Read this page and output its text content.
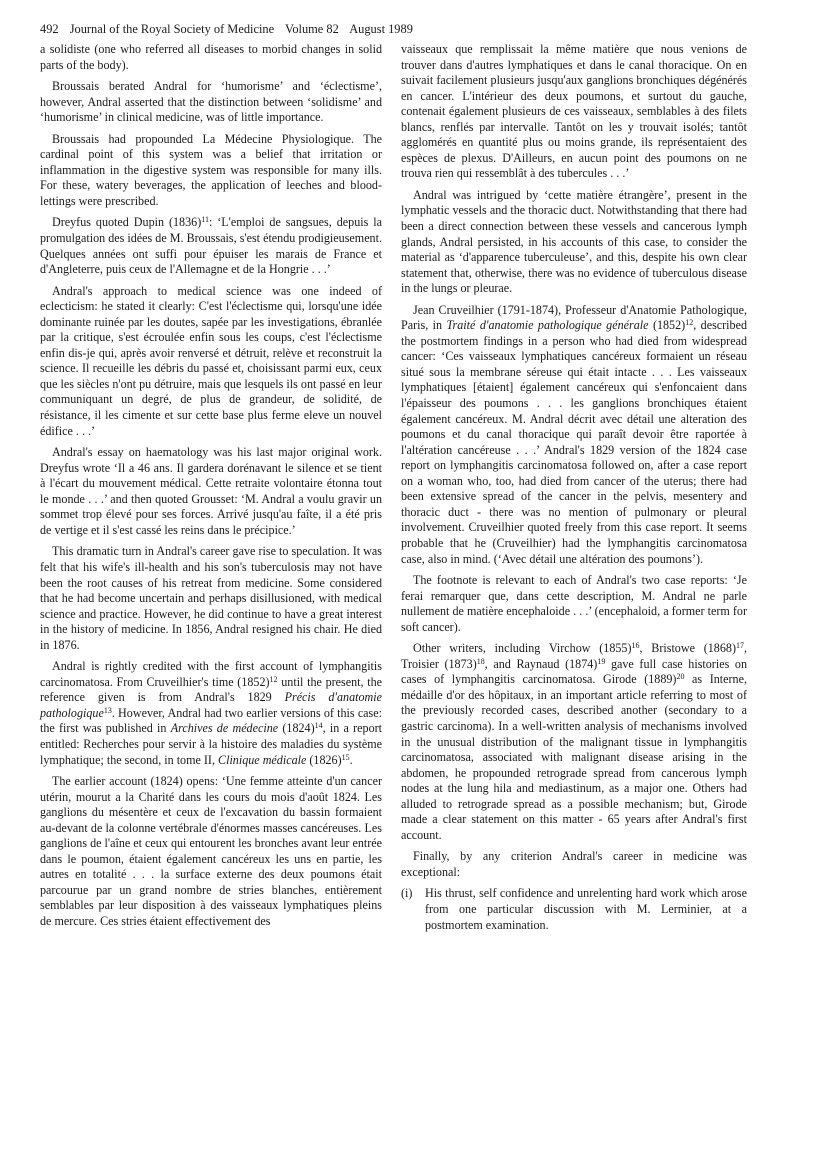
492 Journal of the Royal Society of Medicine Volume 82 August 1989

a solidiste (one who referred all diseases to morbid changes in solid parts of the body).

Broussais berated Andral for ‘humorisme’ and ‘éclectisme’, however, Andral asserted that the distinction between ‘solidisme’ and ‘humorisme’ in clinical medicine, was of little importance.

Broussais had propounded La Médecine Physiologique. The cardinal point of this system was a belief that irritation or inflammation in the digestive system was responsible for many ills. For these, watery beverages, the application of leeches and blood-lettings were prescribed.

Dreyfus quoted Dupin $(1836)^{11}$: ‘L'emploi de sangsues, depuis la promulgation des idées de M. Broussais, s'est étendu prodigieusement. Quelques années ont suffi pour épuiser les marais de France et d'Angleterre, puis ceux de l'Allemagne et de la Hongrie . . .’

Andral's approach to medical science was one indeed of eclecticism: he stated it clearly: C'est l'éclectisme qui, lorsqu'une idée dominante ruinée par les doutes, sapée par les investigations, ébranlée par la critique, s'est écroulée enfin sous les coups, c'est l'éclectisme enfin dis-je qui, après avoir renversé et détruit, relève et reconstruit la science. Il recueille les débris du passé et, choisissant parmi eux, ceux que les siècles n'ont pu détruire, mais que lesquels ils ont passé en leur communiquant un degré, de plus de grandeur, de solidité, de résistance, il les cimente et sur cette base plus ferme eleve un nouvel édifice . . .’

Andral's essay on haematology was his last major original work. Dreyfus wrote ‘Il a 46 ans. Il gardera dorénavant le silence et se tient à l'écart du mouvement médical. Cette retraite volontaire étonna tout le monde . . .’ and then quoted Grousset: ‘M. Andral a voulu gravir un sommet trop élevé pour ses forces. Arrivé jusqu'au faîte, il a été pris de vertige et il s'est cassé les reins dans le précipice.’

This dramatic turn in Andral's career gave rise to speculation. It was felt that his wife's ill-health and his son's tuberculosis may not have been the root causes of his retreat from medicine. Some considered that he had become uncertain and perhaps disillusioned, with medical science and practice. However, he did continue to have a great interest in the history of medicine. In 1856, Andral resigned his chair. He died in 1876.

Andral is rightly credited with the first account of lymphangitis carcinomatosa. From Cruveilhier's time $(1852)^{12}$ until the present, the reference given is from Andral's 1829 Précis d'anatomie pathologique$^{13}$. However, Andral had two earlier versions of this case: the first was published in Archives de médecine $(1824)^{14}$, in a report entitled: Recherches pour servir à la histoire des maladies du système lymphatique; the second, in tome II, Clinique médicale $(1826)^{15}$.

The earlier account (1824) opens: ‘Une femme atteinte d'un cancer utérin, mourut a la Charité dans les cours du mois d'août 1824. Les ganglions du mésentère et ceux de l'excavation du bassin formaient au-devant de la colonne vertébrale d'énormes masses cancéreuses. Les ganglions de l'aîne et ceux qui entourent les bronches avant leur entrée dans le poumon, étaient également cancéreux les uns en partie, les autres en totalité . . . la surface externe des deux poumons était parcourue par un grand nombre de stries blanches, entièrement semblables par leur disposition à des vaisseaux lymphatiques pleins de mercure. Ces stries étaient effectivement des

vaisseaux que remplissait la même matière que nous venions de trouver dans d'autres lymphatiques et dans le canal thoracique. On en suivait facilement plusieurs jusqu'aux ganglions bronchiques dégénérés en cancer. L'intérieur des deux poumons, et surtout du gauche, contenait également plusieurs de ces vaisseaux, semblables à des filets blancs, renflés par intervalle. Tantôt on les y trouvait isolés; tantôt agglomérés en quantité plus ou moins grande, ils représentaient des espèces de plexus. D'Ailleurs, en aucun point des poumons on ne trouva rien qui ressemblât à des tubercules . . .’

Andral was intrigued by ‘cette matière étrangère’, present in the lymphatic vessels and the thoracic duct. Notwithstanding that there had been a direct connection between these vessels and cancerous lymph glands, Andral persisted, in his accounts of this case, to consider the material as ‘d'apparence tuberculeuse’, and this, despite his own clear statement that, otherwise, there was no evidence of tuberculous disease in the lungs or pleurae.

Jean Cruveilhier (1791-1874), Professeur d'Anatomie Pathologique, Paris, in Traité d'anatomie pathologique générale $(1852)^{12}$, described the postmortem findings in a person who had died from widespread cancer: ‘Ces vaisseaux lymphatiques cancéreux formaient un réseau situé sous la membrane séreuse qui était intacte . . . Les vaisseaux lymphatiques [étaient] également cancéreux qui s'enfoncaient dans l'épaisseur des poumons . . . les ganglions bronchiques étaient également cancéreux. M. Andral décrit avec détail une alteration des poumons et du canal thoracique qui paraît devoir être raportée à l'altération cancéreuse . . .’ Andral's 1829 version of the 1824 case report on lymphangitis carcinomatosa followed on, after a case report on a woman who, too, had died from cancer of the uterus; there had been extensive spread of the cancer in the pelvis, mesentery and thoracic duct - there was no mention of pulmonary or pleural involvement. Cruveilhier quoted freely from this case report. It seems probable that he (Cruveilhier) had the lymphangitis carcinomatosa case, also in mind. (‘Avec détail une altération des poumons’).

The footnote is relevant to each of Andral's two case reports: ‘Je ferai remarquer que, dans cette description, M. Andral ne parle nullement de matière encephaloide . . .’ (encephaloid, a former term for soft cancer).

Other writers, including Virchow $(1855)^{16}$, Bristowe $(1868)^{17}$, Troisier $(1873)^{18}$, and Raynaud $(1874)^{19}$ gave full case histories on cases of lymphangitis carcinomatosa. Girode $(1889)^{20}$ as Interne, médaille d'or des hôpitaux, in an important article referring to most of the previously recorded cases, described another (secondary to a gastric carcinoma). In a well-written analysis of mechanisms involved in the unusual distribution of the malignant tissue in lymphangitis carcinomatosa, associated with malignant disease arising in the abdomen, he propounded retrograde spread from cancerous lymph nodes at the lung hila and mediastinum, as a major one. Others had alluded to retrograde spread as a possible mechanism; but, Girode made a clear statement on this matter - 65 years after Andral's first account.

Finally, by any criterion Andral's career in medicine was exceptional:

(i)	His thrust, self confidence and unrelenting hard work which arose from one particular discussion with M. Lerminier, at a postmortem examination.
